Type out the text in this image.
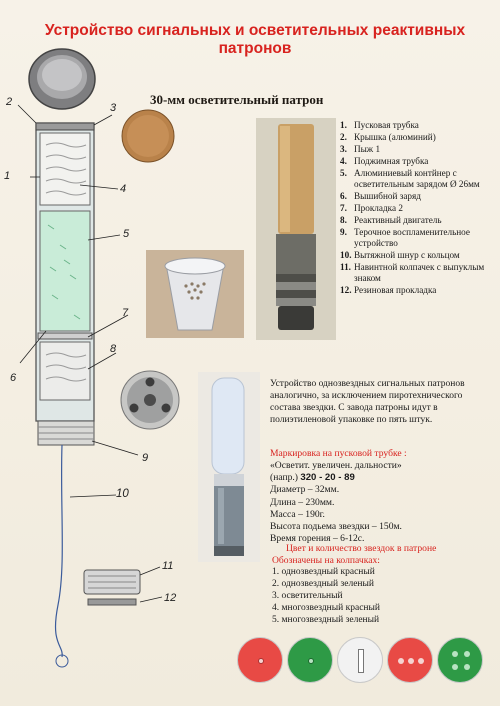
Устройство сигнальных и осветительных реактивных патронов
30-мм осветительный патрон
2	3
1
4
5
6
7
8
9
10
11
12
1. Пусковая трубка
2. Крышка (алюминий)
3. Пыж 1
4. Поджимная трубка
5. Алюминиевый контйнер с осветительным зарядом Ø 26мм
6. Вышибной заряд
7. Прокладка 2
8. Реактивный двигатель
9. Терочное воспламенительное устройство
10. Вытяжной шнур с кольцом
11. Навинтной колпачек с выпуклым знаком
12. Резиновая прокладка
Устройство однозвездных сигнальных патронов аналогично, за исключением пиротехнического состава звездки. С завода патроны идут в полиэтиленовой упаковке по пять штук.
Маркировка на пусковой трубке :
«Осветит. увеличен. дальности»
(напр.) 320 - 20 - 89
Диаметр – 32мм.
Длина – 230мм.
Масса – 190г.
Высота подьема звездки – 150м.
Время горения – 6-12с.
Цвет и количество звездок в патроне
Обозначены на колпачках:
1. однозвездный красный
2. однозвездный зеленый
3. осветительный
4. многозвездный красный
5. многозвездный зеленый
